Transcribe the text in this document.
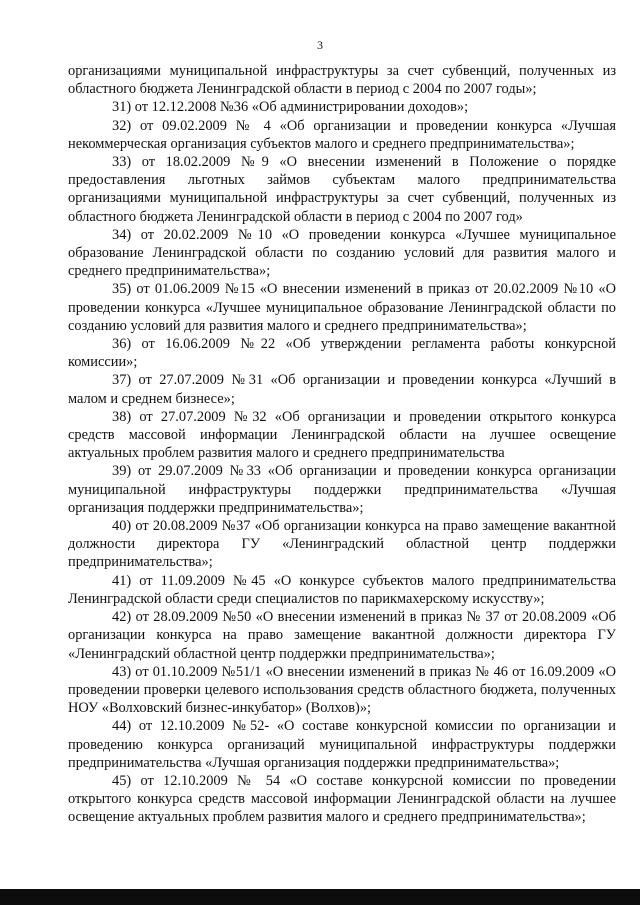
3

организациями муниципальной инфраструктуры за счет субвенций, полученных из областного бюджета Ленинградской области в период с 2004 по 2007 годы»;

31) от 12.12.2008 №36 «Об администрировании доходов»;

32) от 09.02.2009 № 4 «Об организации и проведении конкурса «Лучшая некоммерческая организация субъектов малого и среднего предпринимательства»;

33) от 18.02.2009 №9 «О внесении изменений в Положение о порядке предоставления льготных займов субъектам малого предпринимательства организациями муниципальной инфраструктуры за счет субвенций, полученных из областного бюджета Ленинградской области в период с 2004 по 2007 год»

34) от 20.02.2009 №10 «О проведении конкурса «Лучшее муниципальное образование Ленинградской области по созданию условий для развития малого и среднего предпринимательства»;

35) от 01.06.2009 №15 «О внесении изменений в приказ от 20.02.2009 №10 «О проведении конкурса «Лучшее муниципальное образование Ленинградской области по созданию условий для развития малого и среднего предпринимательства»;

36) от 16.06.2009 №22 «Об утверждении регламента работы конкурсной комиссии»;

37) от 27.07.2009 №31 «Об организации и проведении конкурса «Лучший в малом и среднем бизнесе»;

38) от 27.07.2009 №32 «Об организации и проведении открытого конкурса средств массовой информации Ленинградской области на лучшее освещение актуальных проблем развития малого и среднего предпринимательства

39) от 29.07.2009 №33 «Об организации и проведении конкурса организации муниципальной инфраструктуры поддержки предпринимательства «Лучшая организация поддержки предпринимательства»;

40) от 20.08.2009 №37 «Об организации конкурса на право замещение вакантной должности директора ГУ «Ленинградский областной центр поддержки предпринимательства»;

41) от 11.09.2009 №45 «О конкурсе субъектов малого предпринимательства Ленинградской области среди специалистов по парикмахерскому искусству»;

42) от 28.09.2009 №50 «О внесении изменений в приказ № 37 от 20.08.2009 «Об организации конкурса на право замещение вакантной должности директора ГУ «Ленинградский областной центр поддержки предпринимательства»;

43) от 01.10.2009 №51/1 «О внесении изменений в приказ № 46 от 16.09.2009 «О проведении проверки целевого использования средств областного бюджета, полученных НОУ «Волховский бизнес-инкубатор» (Волхов)»;

44) от 12.10.2009 №52- «О составе конкурсной комиссии по организации и проведению конкурса организаций муниципальной инфраструктуры поддержки предпринимательства «Лучшая организация поддержки предпринимательства»;

45) от 12.10.2009 № 54 «О составе конкурсной комиссии по проведении открытого конкурса средств массовой информации Ленинградской области на лучшее освещение актуальных проблем развития малого и среднего предпринимательства»;
